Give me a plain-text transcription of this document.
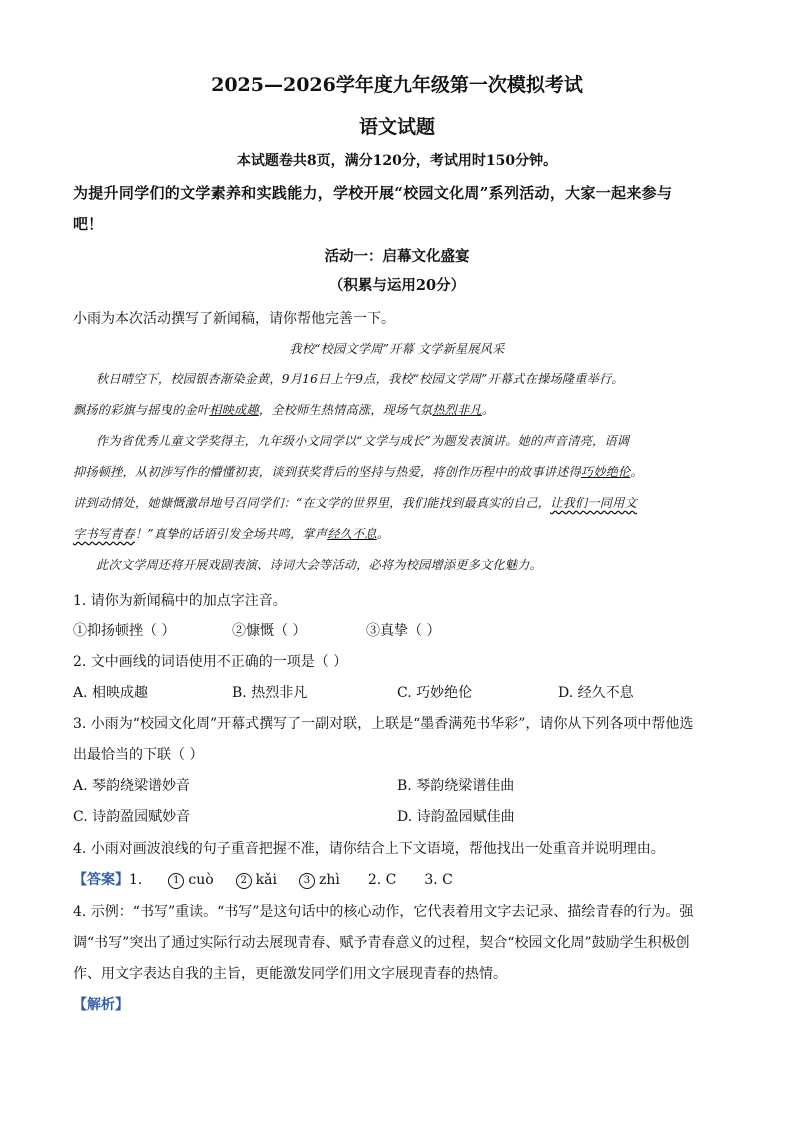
2025—2026学年度九年级第一次模拟考试
语文试题
本试题卷共8页，满分120分，考试用时150分钟。
为提升同学们的文学素养和实践能力，学校开展“校园文化周”系列活动，大家一起来参与
吧！
活动一：启幕文化盛宴
（积累与运用20分）
小雨为本次活动撰写了新闻稿，请你帮他完善一下。
我校“校园文学周”开幕 文学新星展风采
秋日晴空下，校园银杏渐染金黄，9月16日上午9点，我校“校园文学周”开幕式在操场隆重举行。
飘扬的彩旗与摇曳的金叶相映成趣，全校师生热情高涨，现场气氛热烈非凡。
作为省优秀儿童文学奖得主，九年级小文同学以“文学与成长”为题发表演讲。她的声音清亮，语调
抑扬顿挫，从初涉写作的懵懂初衷，谈到获奖背后的坚持与热爱，将创作历程中的故事讲述得巧妙绝伦。
讲到动情处，她慷慨激昂地号召同学们：“在文学的世界里，我们能找到最真实的自己，让我们一同用文
字书写青春！”真挚的话语引发全场共鸣，掌声经久不息。
此次文学周还将开展戏剧表演、诗词大会等活动，必将为校园增添更多文化魅力。
1. 请你为新闻稿中的加点字注音。
①抑扬顿挫（ ）	②慷慨（ ）	③真挚（ ）
2. 文中画线的词语使用不正确的一项是（ ）
A. 相映成趣	B. 热烈非凡	C. 巧妙绝伦	D. 经久不息
3. 小雨为“校园文化周”开幕式撰写了一副对联，上联是“墨香满苑书华彩”，请你从下列各项中帮他选
出最恰当的下联（ ）
A. 琴韵绕梁谱妙音	B. 琴韵绕梁谱佳曲
C. 诗韵盈园赋妙音	D. 诗韵盈园赋佳曲
4. 小雨对画波浪线的句子重音把握不准，请你结合上下文语境，帮他找出一处重音并说明理由。
【答案】1.	1 cuò	2 kǎi	3 zhì 2. C 3. C
4. 示例：“书写”重读。“书写”是这句话中的核心动作，它代表着用文字去记录、描绘青春的行为。强
调“书写”突出了通过实际行动去展现青春、赋予青春意义的过程，契合“校园文化周”鼓励学生积极创
作、用文字表达自我的主旨，更能激发同学们用文字展现青春的热情。
【解析】
